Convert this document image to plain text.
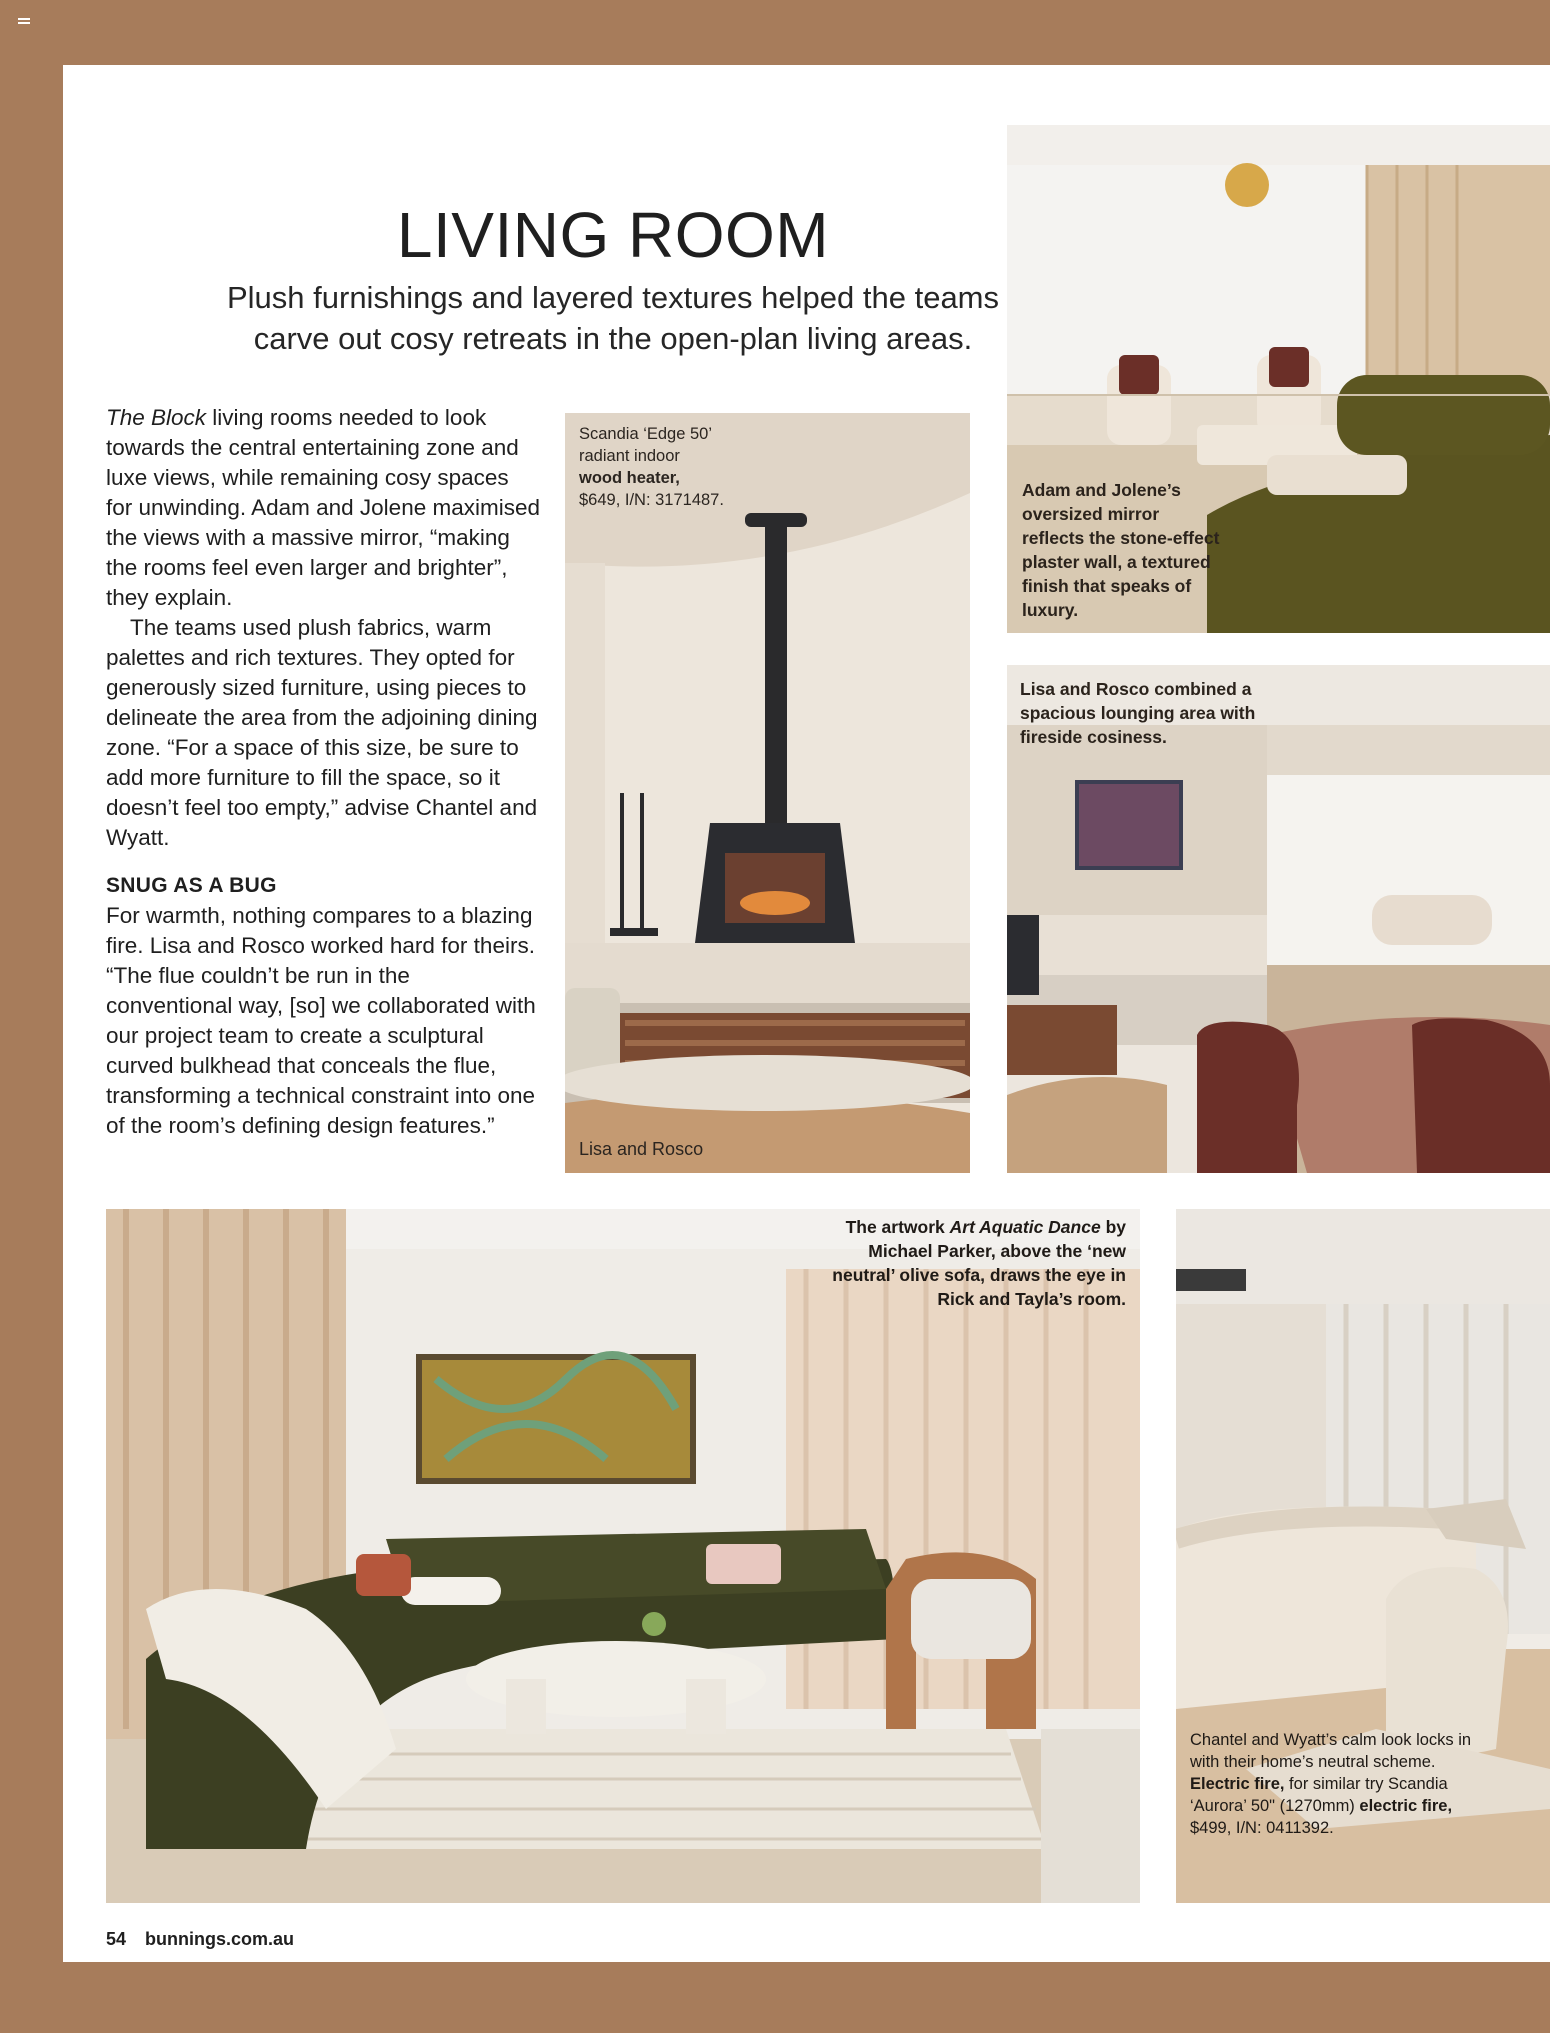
LIVING ROOM

Plush furnishings and layered textures helped the teams
carve out cosy retreats in the open-plan living areas.

The Block living rooms needed to look towards the central entertaining zone and luxe views, while remaining cosy spaces for unwinding. Adam and Jolene maximised the views with a massive mirror, “making the rooms feel even larger and brighter”, they explain.

The teams used plush fabrics, warm palettes and rich textures. They opted for generously sized furniture, using pieces to delineate the area from the adjoining dining zone. “For a space of this size, be sure to add more furniture to fill the space, so it doesn’t feel too empty,” advise Chantel and Wyatt.

SNUG AS A BUG

For warmth, nothing compares to a blazing fire. Lisa and Rosco worked hard for theirs. “The flue couldn’t be run in the conventional way, [so] we collaborated with our project team to create a sculptural curved bulkhead that conceals the flue, transforming a technical constraint into one of the room’s defining design features.”

Scandia ‘Edge 50’
radiant indoor
wood heater,
$649, I/N: 3171487.
Lisa and Rosco
Adam and Jolene’s oversized mirror reflects the stone-effect plaster wall, a textured finish that speaks of luxury.
Lisa and Rosco combined a spacious lounging area with fireside cosiness.
The artwork Art Aquatic Dance by Michael Parker, above the ‘new neutral’ olive sofa, draws the eye in Rick and Tayla’s room.
Chantel and Wyatt’s calm look locks in with their home’s neutral scheme. Electric fire, for similar try Scandia ‘Aurora’ 50" (1270mm) electric fire, $499, I/N: 0411392.
54 bunnings.com.au
